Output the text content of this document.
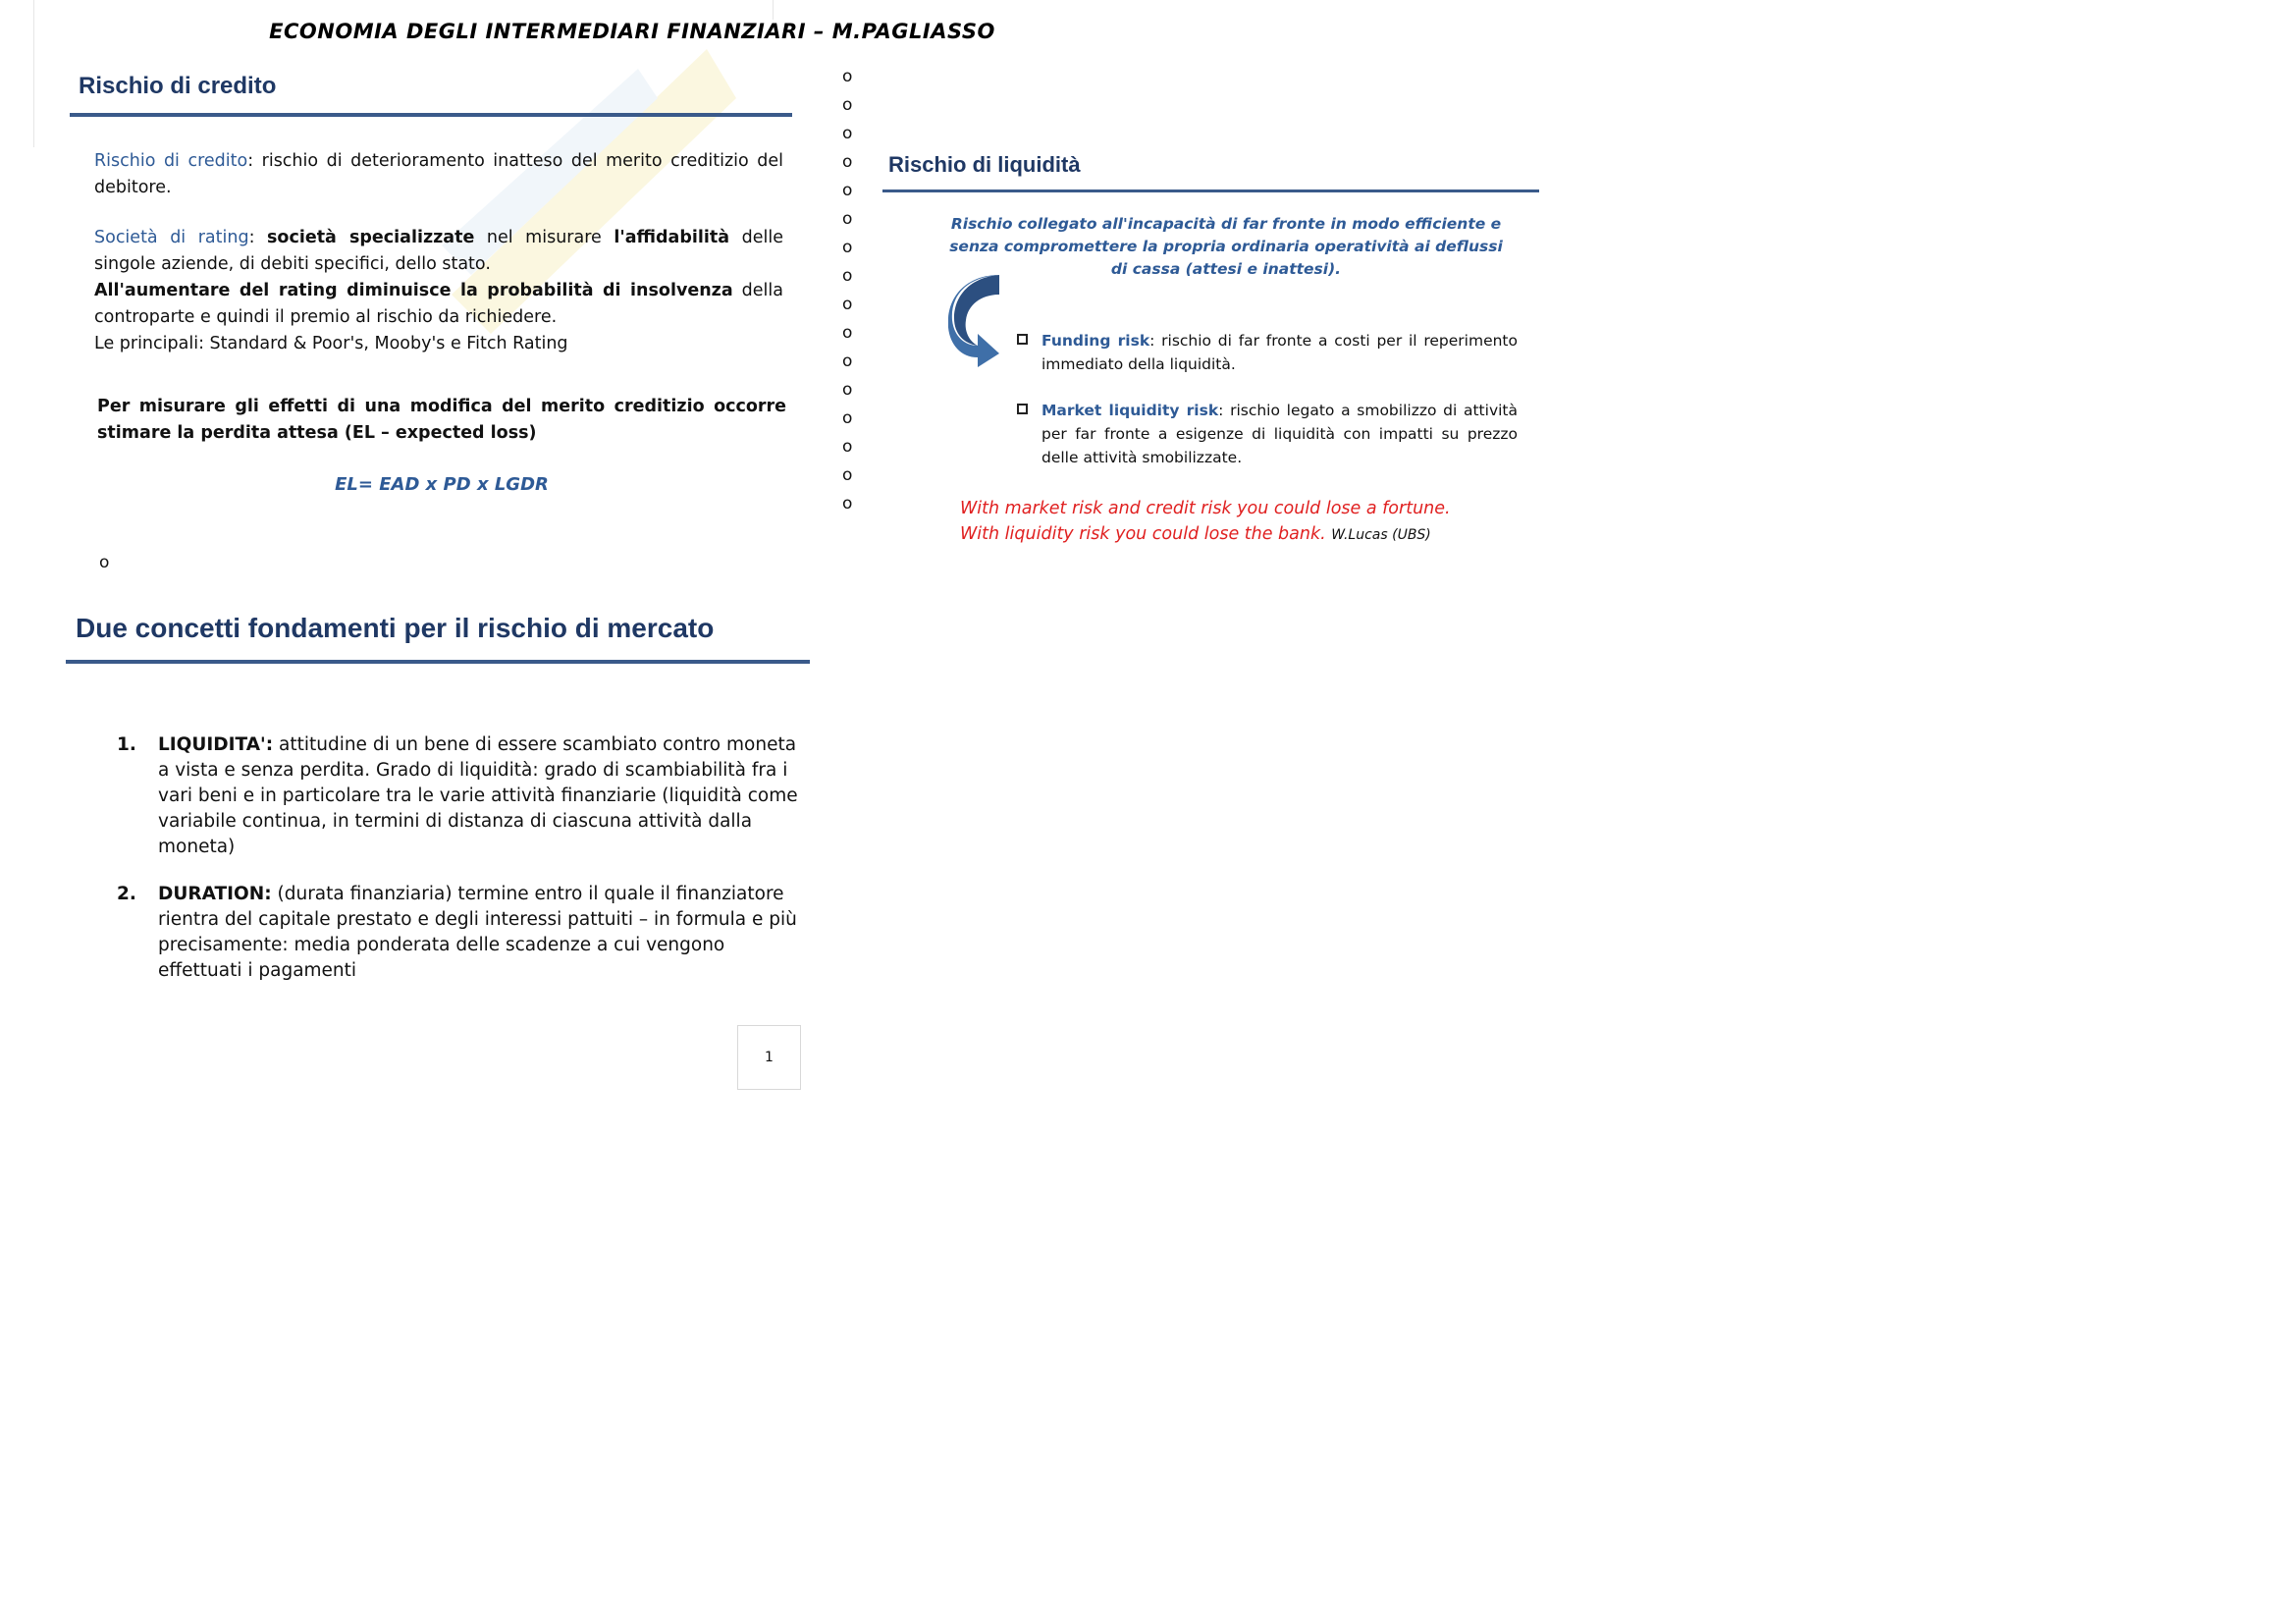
ECONOMIA DEGLI INTERMEDIARI FINANZIARI – M.PAGLIASSO
Rischio di credito
Rischio di credito: rischio di deterioramento inatteso del merito creditizio del debitore.
Società di rating: società specializzate nel misurare l'affidabilità delle singole aziende, di debiti specifici, dello stato.
All'aumentare del rating diminuisce la probabilità di insolvenza della controparte e quindi il premio al rischio da richiedere.
Le principali: Standard & Poor's, Mooby's e Fitch Rating
Per misurare gli effetti di una modifica del merito creditizio occorre stimare la perdita attesa (EL – expected loss)
EL= EAD x PD x LGDR
o
o
o
o
o
o
o
o
o
o
o
o
o
o
o
o
o
Rischio di liquidità
Rischio collegato all'incapacità di far fronte in modo efficiente e senza compromettere la propria ordinaria operatività ai deflussi di cassa (attesi e inattesi).
Funding risk: rischio di far fronte a costi per il reperimento immediato della liquidità.
Market liquidity risk: rischio legato a smobilizzo di attività per far fronte a esigenze di liquidità con impatti su prezzo delle attività smobilizzate.
With market risk and credit risk you could lose a fortune.
With liquidity risk you could lose the bank. W.Lucas (UBS)
Due concetti fondamenti per il rischio di mercato
1. LIQUIDITA': attitudine di un bene di essere scambiato contro moneta a vista e senza perdita. Grado di liquidità: grado di scambiabilità fra i vari beni e in particolare tra le varie attività finanziarie (liquidità come variabile continua, in termini di distanza di ciascuna attività dalla moneta)
2. DURATION: (durata finanziaria) termine entro il quale il finanziatore rientra del capitale prestato e degli interessi pattuiti – in formula e più precisamente: media ponderata delle scadenze a cui vengono effettuati i pagamenti
1
